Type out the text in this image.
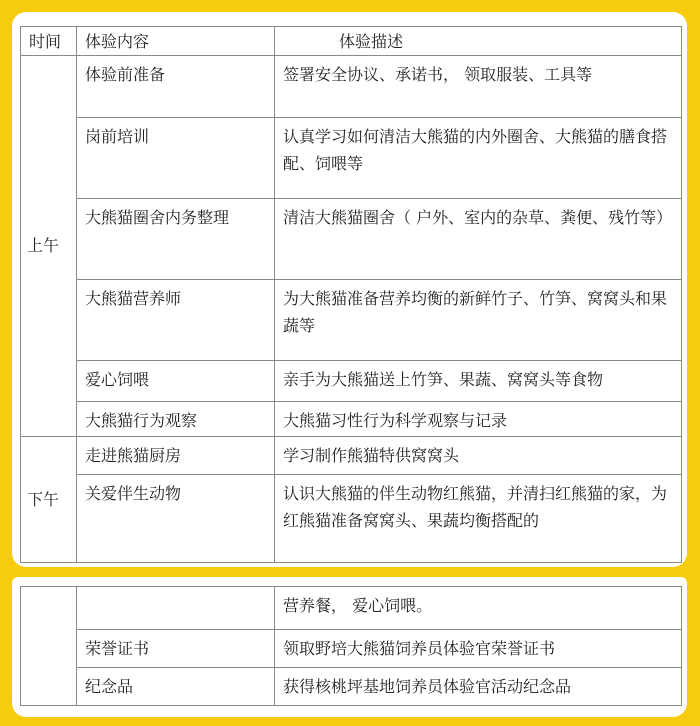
时间	体验内容	体验描述
上午	体验前准备	签署安全协议、承诺书， 领取服装、工具等
	岗前培训	认真学习如何清洁大熊猫的内外圈舍、大熊猫的膳食搭配、饲喂等
	大熊猫圈舍内务整理	清洁大熊猫圈舍（ 户外、室内的杂草、粪便、残竹等）
	大熊猫营养师	为大熊猫准备营养均衡的新鲜竹子、竹笋、窝窝头和果蔬等
	爱心饲喂	亲手为大熊猫送上竹笋、果蔬、窝窝头等食物
	大熊猫行为观察	大熊猫习性行为科学观察与记录
下午	走进熊猫厨房	学习制作熊猫特供窝窝头
	关爱伴生动物	认识大熊猫的伴生动物红熊猫，并清扫红熊猫的家，为红熊猫准备窝窝头、果蔬均衡搭配的
		营养餐， 爱心饲喂。
	荣誉证书	领取野培大熊猫饲养员体验官荣誉证书
	纪念品	获得核桃坪基地饲养员体验官活动纪念品
